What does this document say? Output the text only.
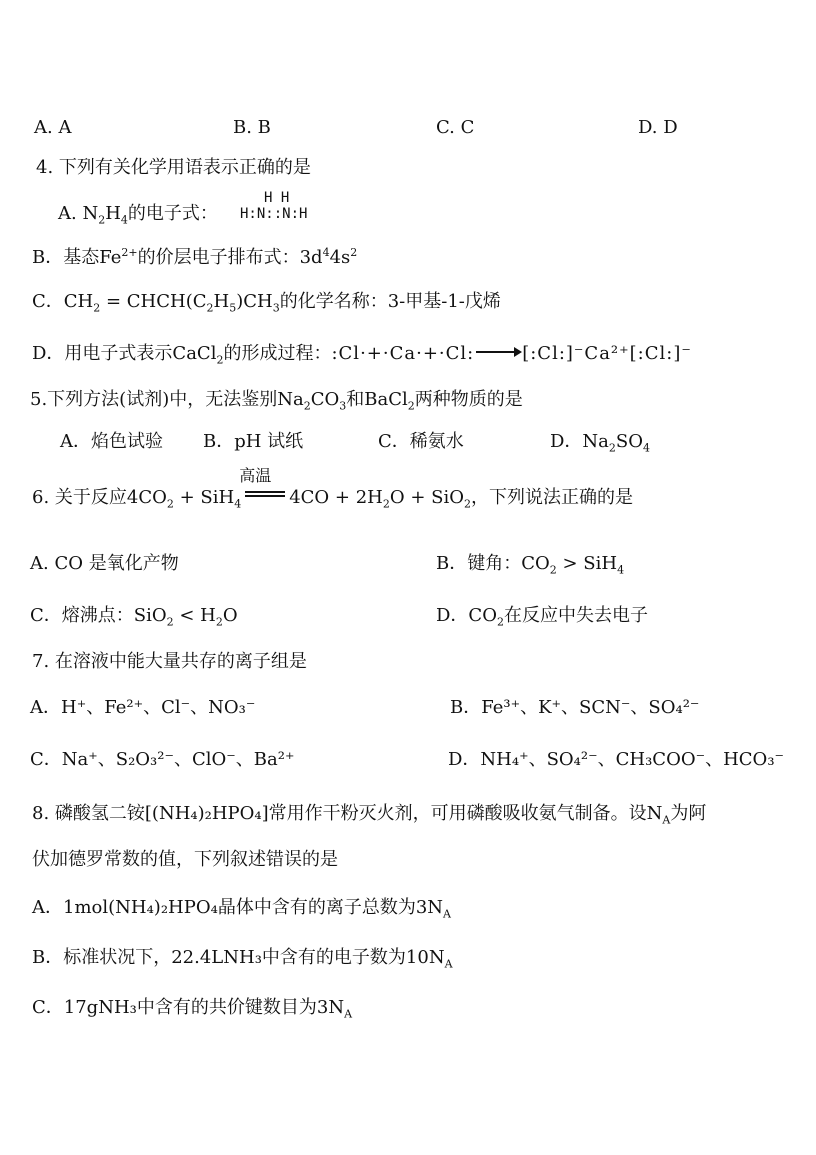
A. A	B. B	C. C	D. D
4. 下列有关化学用语表示正确的是
A. $N_2H_4$的电子式：
H H
H:N::N:H
B．基态$Fe^{2+}$的价层电子排布式：$3d^44s^2$
C．$CH_2$ = $CHCH(C_2H_5)CH_3$的化学名称：3-甲基-1-戊烯
D．用电子式表示CaCl$_2$的形成过程：:Cl·+·Ca·+·Cl: → [:Cl:]⁻Ca²⁺[:Cl:]⁻
5.下列方法(试剂)中，无法鉴别$Na_2CO_3$和BaCl$_2$两种物质的是
A．焰色试验 B．pH 试纸	C．稀氨水	D．$Na_2SO_4$
6. 关于反应$4CO_2 + SiH_4$
高温
$4CO + 2H_2O + SiO_2$，下列说法正确的是
A. CO 是氧化产物	B．键角：$CO_2 > SiH_4$
C．熔沸点：$SiO_2 < H_2O$	D．$CO_2$在反应中失去电子
7. 在溶液中能大量共存的离子组是
A．H⁺、Fe²⁺、Cl⁻、NO₃⁻	B．Fe³⁺、K⁺、SCN⁻、SO₄²⁻
C．Na⁺、S₂O₃²⁻、ClO⁻、Ba²⁺	D．NH₄⁺、SO₄²⁻、CH₃COO⁻、HCO₃⁻
8. 磷酸氢二铵[(NH₄)₂HPO₄]常用作干粉灭火剂，可用磷酸吸收氨气制备。设$N_A$为阿
伏加德罗常数的值，下列叙述错误的是
A．1mol(NH₄)₂HPO₄晶体中含有的离子总数为$3N_A$
B．标准状况下，22.4LNH₃中含有的电子数为$10N_A$
C．17gNH₃中含有的共价键数目为$3N_A$
